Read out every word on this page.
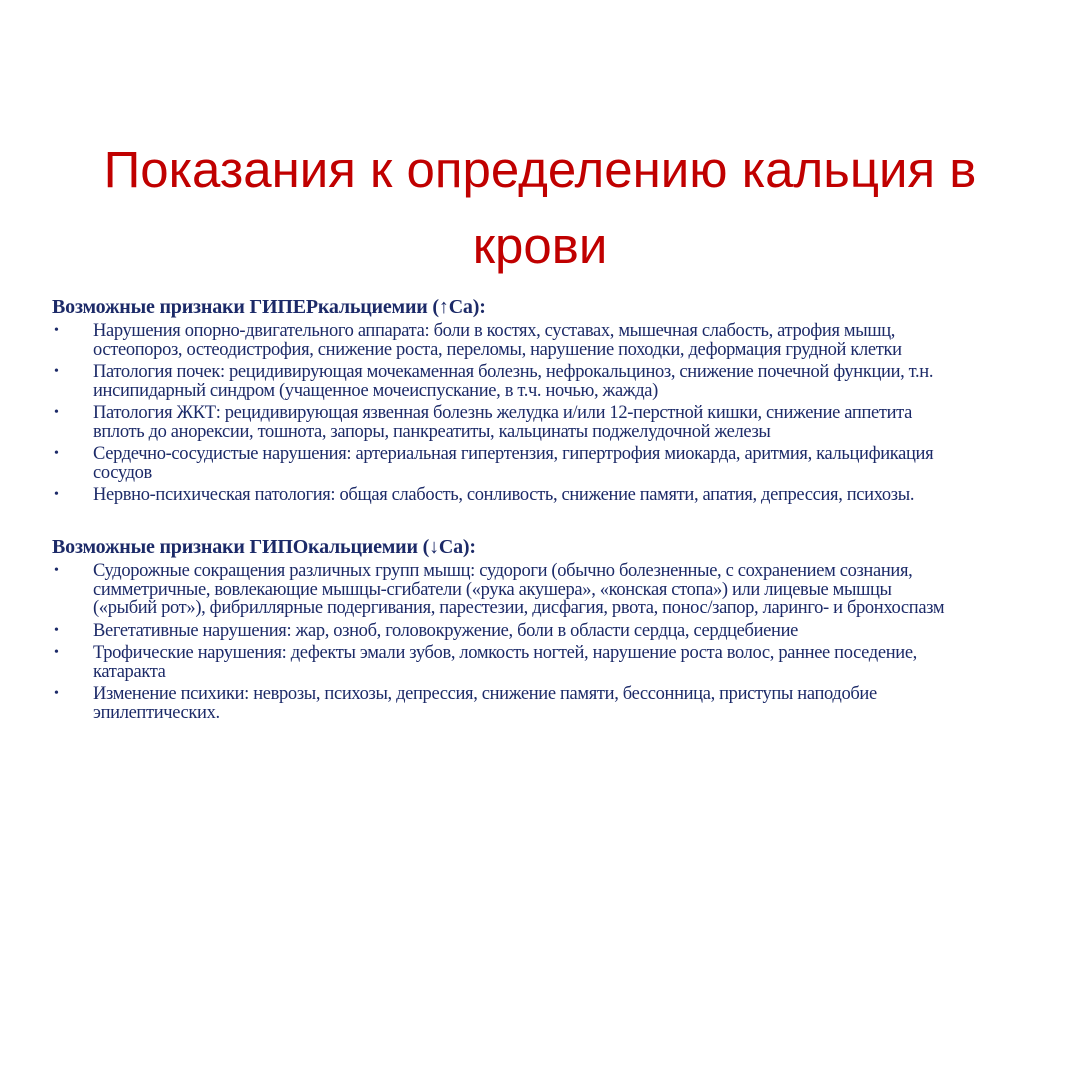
Показания к определению кальция в
крови
Возможные признаки ГИПЕРкальциемии (↑Ca):
• Нарушения опорно-двигательного аппарата: боли в костях, суставах, мышечная слабость, атрофия мышц,
остеопороз, остеодистрофия, снижение роста, переломы, нарушение походки, деформация грудной клетки
• Патология почек: рецидивирующая мочекаменная болезнь, нефрокальциноз, снижение почечной функции, т.н.
инсипидарный синдром (учащенное мочеиспускание, в т.ч. ночью, жажда)
• Патология ЖКТ: рецидивирующая язвенная болезнь желудка и/или 12-перстной кишки, снижение аппетита
вплоть до анорексии, тошнота, запоры, панкреатиты, кальцинаты поджелудочной железы
• Сердечно-сосудистые нарушения: артериальная гипертензия, гипертрофия миокарда, аритмия, кальцификация
сосудов
• Нервно-психическая патология: общая слабость, сонливость, снижение памяти, апатия, депрессия, психозы.
Возможные признаки ГИПОкальциемии (↓Ca):
• Судорожные сокращения различных групп мышц: судороги (обычно болезненные, с сохранением сознания,
симметричные, вовлекающие мышцы-сгибатели («рука акушера», «конская стопа») или лицевые мышцы
(«рыбий рот»), фибриллярные подергивания, парестезии, дисфагия, рвота, понос/запор, ларинго- и бронхоспазм
• Вегетативные нарушения: жар, озноб, головокружение, боли в области сердца, сердцебиение
• Трофические нарушения: дефекты эмали зубов, ломкость ногтей, нарушение роста волос, раннее поседение,
катаракта
• Изменение психики: неврозы, психозы, депрессия, снижение памяти, бессонница, приступы наподобие
эпилептических.
